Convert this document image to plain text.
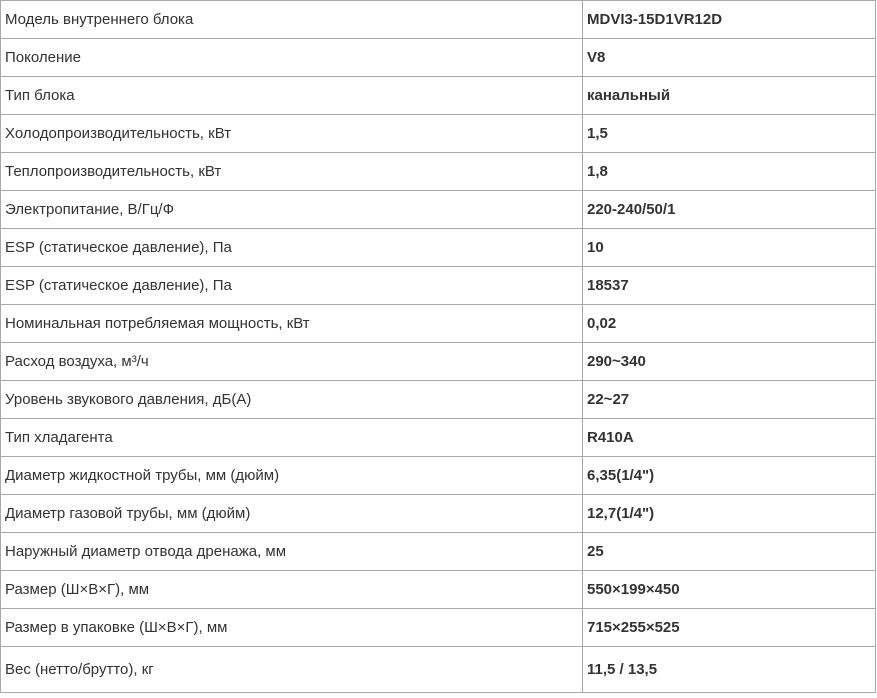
Модель внутреннего блока	MDVI3-15D1VR12D
Поколение	V8
Тип блока	канальный
Холодопроизводительность, кВт	1,5
Теплопроизводительность, кВт	1,8
Электропитание, В/Гц/Ф	220-240/50/1
ESP (статическое давление), Па	10
ESP (статическое давление), Па	18537
Номинальная потребляемая мощность, кВт	0,02
Расход воздуха, м³/ч	290~340
Уровень звукового давления, дБ(А)	22~27
Тип хладагента	R410A
Диаметр жидкостной трубы, мм (дюйм)	6,35(1/4")
Диаметр газовой трубы, мм (дюйм)	12,7(1/4")
Наружный диаметр отвода дренажа, мм	25
Размер (Ш×В×Г), мм	550×199×450
Размер в упаковке (Ш×В×Г), мм	715×255×525
Вес (нетто/брутто), кг	11,5 / 13,5
